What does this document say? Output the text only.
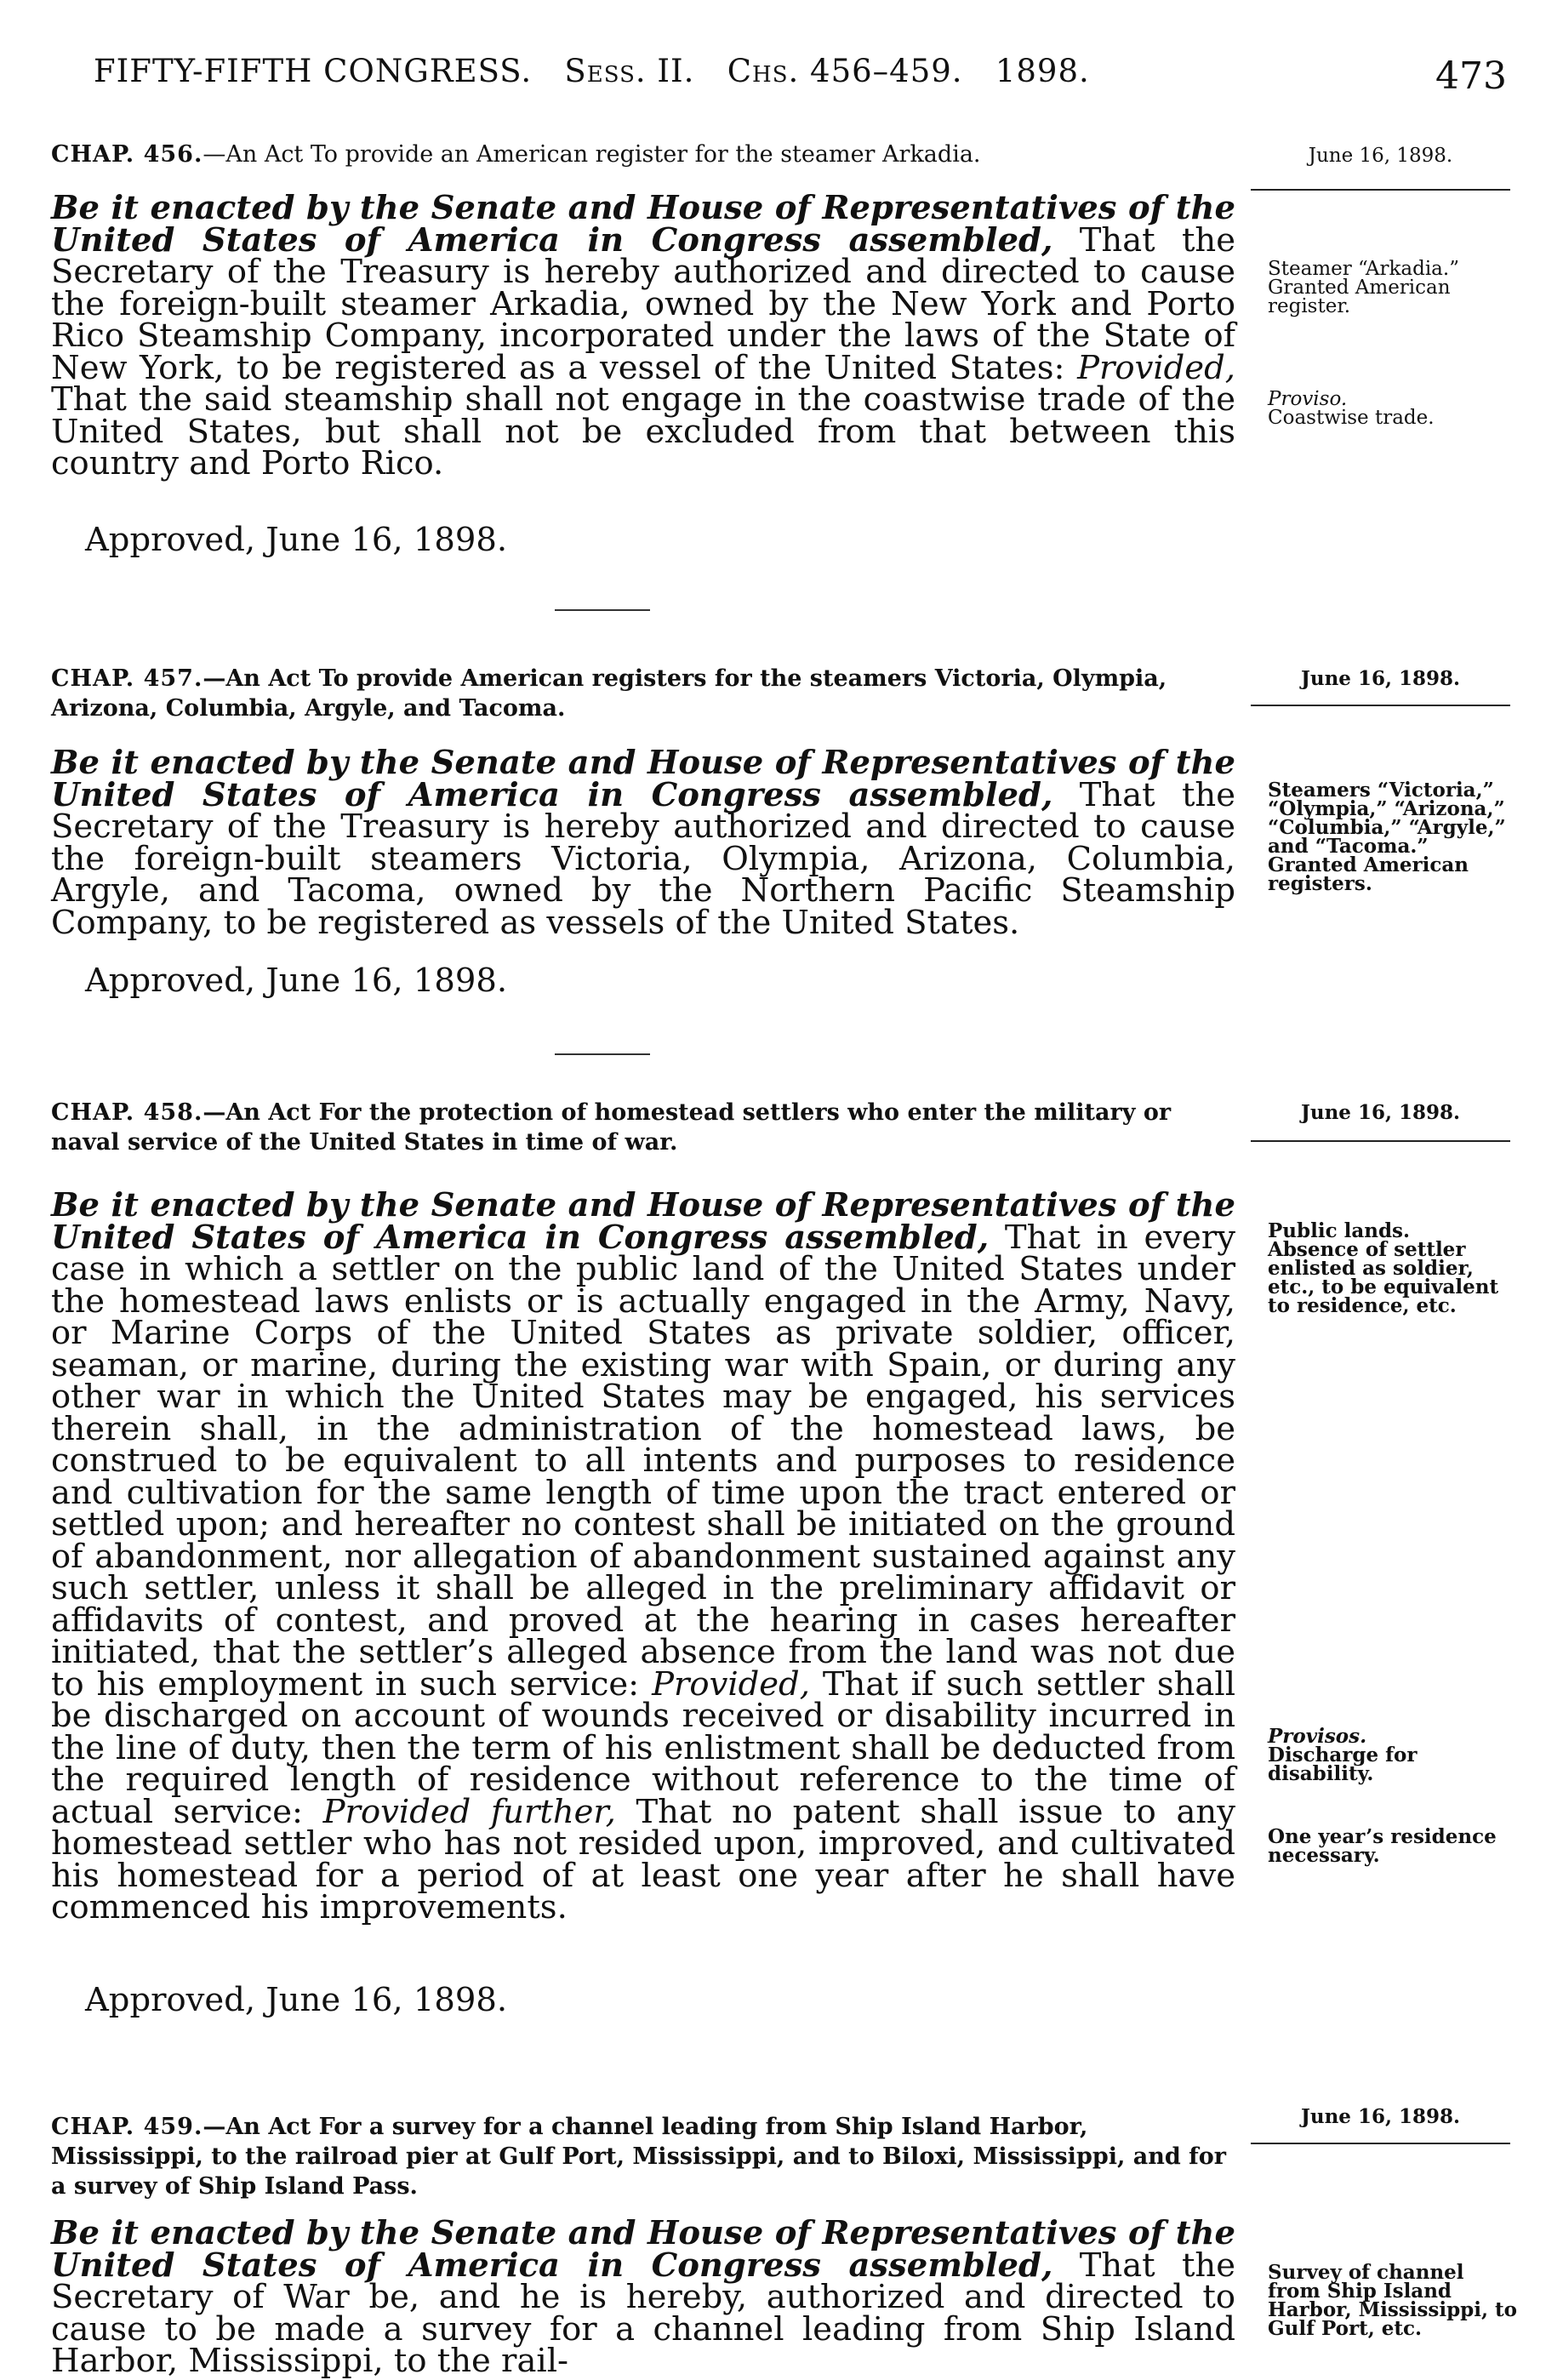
FIFTY-FIFTH CONGRESS. Sess. II. Chs. 456–459. 1898.	473
CHAP. 456.—An Act To provide an American register for the steamer Arkadia.	June 16, 1898.
Be it enacted by the Senate and House of Representatives of the United States of America in Congress assembled, That the Secretary of the Treasury is hereby authorized and directed to cause the foreign-built steamer Arkadia, owned by the New York and Porto Rico Steamship Company, incorporated under the laws of the State of New York, to be registered as a vessel of the United States: Provided, That the said steamship shall not engage in the coastwise trade of the United States, but shall not be excluded from that between this country and Porto Rico.
Approved, June 16, 1898.
Steamer “Arkadia.”
Granted American register.
Proviso.
Coastwise trade.
CHAP. 457.—An Act To provide American registers for the steamers Victoria, Olympia, Arizona, Columbia, Argyle, and Tacoma.
June 16, 1898.
Be it enacted by the Senate and House of Representatives of the United States of America in Congress assembled, That the Secretary of the Treasury is hereby authorized and directed to cause the foreign-built steamers Victoria, Olympia, Arizona, Columbia, Argyle, and Tacoma, owned by the Northern Pacific Steamship Company, to be registered as vessels of the United States.
Approved, June 16, 1898.
Steamers “Victoria,” “Olympia,” “Arizona,” “Columbia,” “Argyle,” and “Tacoma.”
Granted American registers.
CHAP. 458.—An Act For the protection of homestead settlers who enter the military or naval service of the United States in time of war.
June 16, 1898.
Be it enacted by the Senate and House of Representatives of the United States of America in Congress assembled, That in every case in which a settler on the public land of the United States under the homestead laws enlists or is actually engaged in the Army, Navy, or Marine Corps of the United States as private soldier, officer, seaman, or marine, during the existing war with Spain, or during any other war in which the United States may be engaged, his services therein shall, in the administration of the homestead laws, be construed to be equivalent to all intents and purposes to residence and cultivation for the same length of time upon the tract entered or settled upon; and hereafter no contest shall be initiated on the ground of abandonment, nor allegation of abandonment sustained against any such settler, unless it shall be alleged in the preliminary affidavit or affidavits of contest, and proved at the hearing in cases hereafter initiated, that the settler’s alleged absence from the land was not due to his employment in such service: Provided, That if such settler shall be discharged on account of wounds received or disability incurred in the line of duty, then the term of his enlistment shall be deducted from the required length of residence without reference to the time of actual service: Provided further, That no patent shall issue to any homestead settler who has not resided upon, improved, and cultivated his homestead for a period of at least one year after he shall have commenced his improvements.
Approved, June 16, 1898.
Public lands.
Absence of settler enlisted as soldier, etc., to be equivalent to residence, etc.
Provisos.
Discharge for disability.
One year’s residence necessary.
CHAP. 459.—An Act For a survey for a channel leading from Ship Island Harbor, Mississippi, to the railroad pier at Gulf Port, Mississippi, and to Biloxi, Mississippi, and for a survey of Ship Island Pass.
June 16, 1898.
Be it enacted by the Senate and House of Representatives of the United States of America in Congress assembled, That the Secretary of War be, and he is hereby, authorized and directed to cause to be made a survey for a channel leading from Ship Island Harbor, Mississippi, to the rail-
Survey of channel from Ship Island Harbor, Mississippi, to Gulf Port, etc.
